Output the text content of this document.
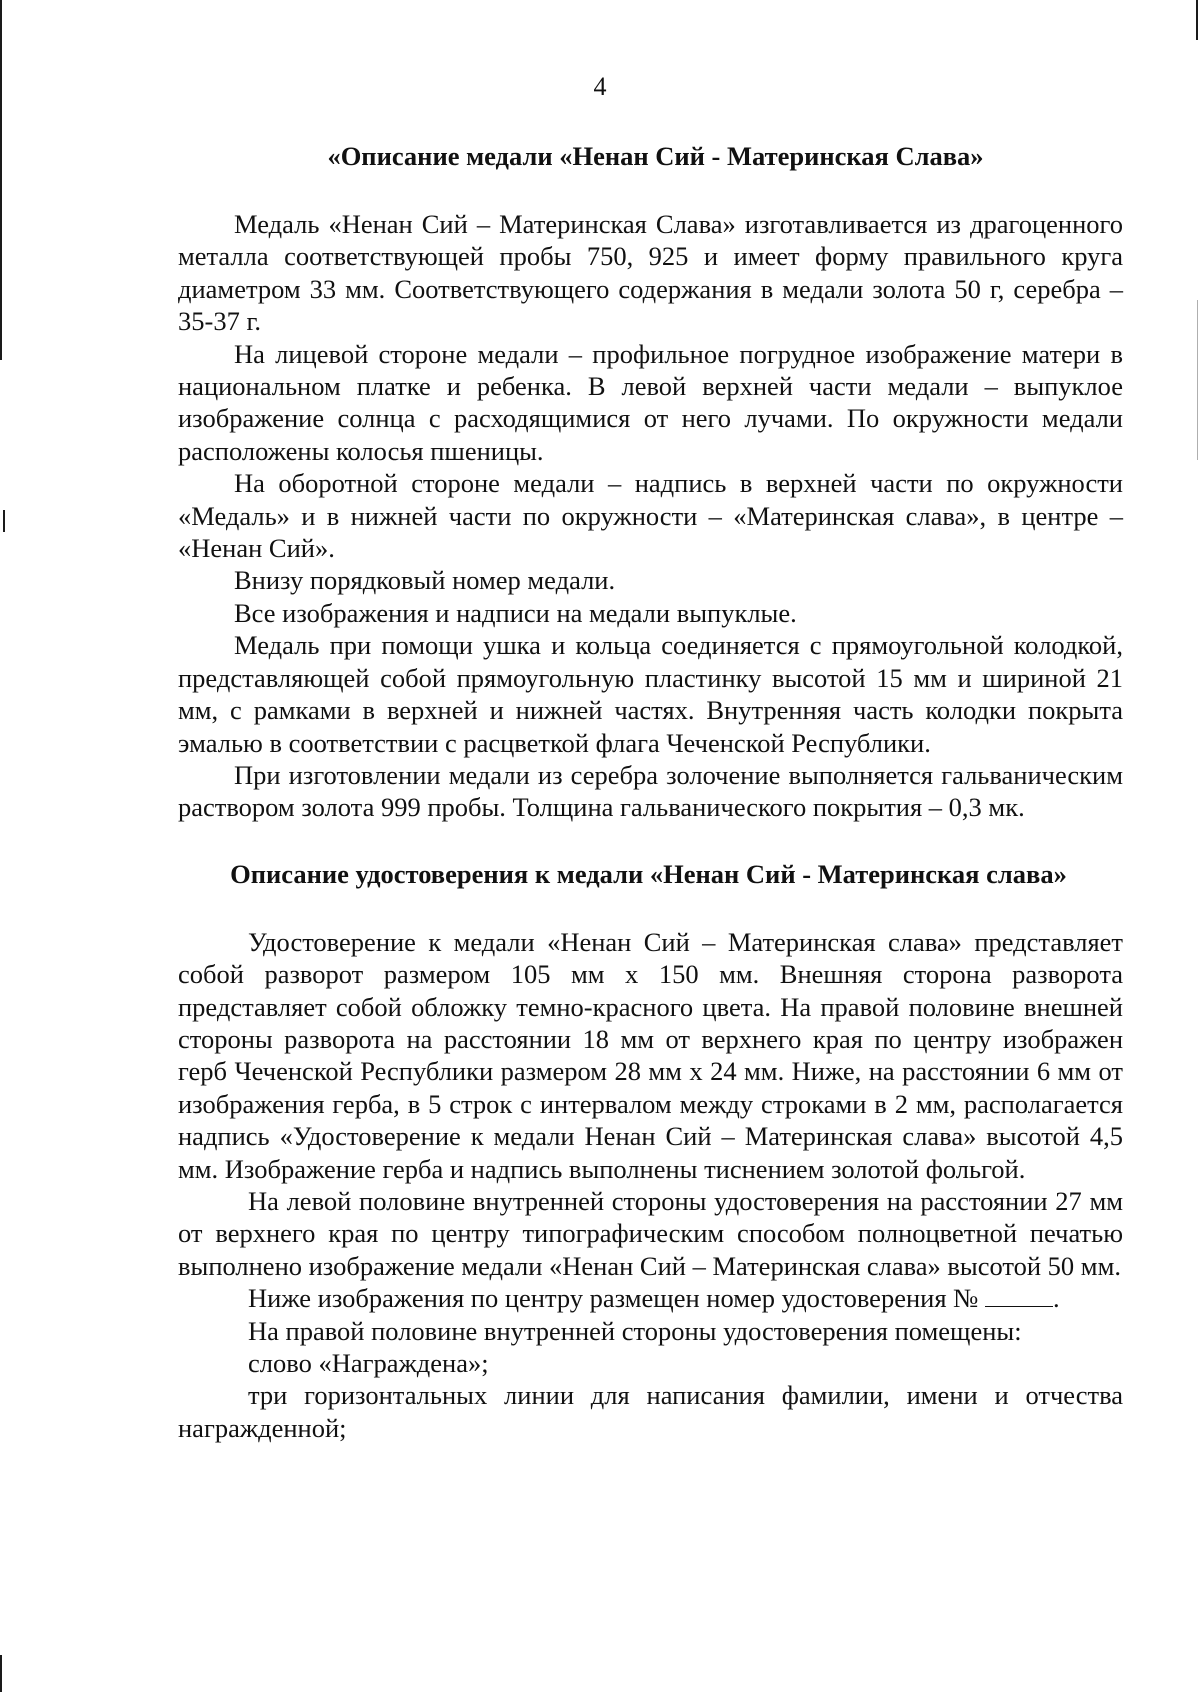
4
«Описание медали «Ненан Сий - Материнская Слава»

Медаль «Ненан Сий – Материнская Слава» изготавливается из драгоценного металла соответствующей пробы 750, 925 и имеет форму правильного круга диаметром 33 мм. Соответствующего содержания в медали золота 50 г, серебра – 35-37 г.

На лицевой стороне медали – профильное погрудное изображение матери в национальном платке и ребенка. В левой верхней части медали – выпуклое изображение солнца с расходящимися от него лучами. По окружности медали расположены колосья пшеницы.

На оборотной стороне медали – надпись в верхней части по окружности «Медаль» и в нижней части по окружности – «Материнская слава», в центре – «Ненан Сий».

Внизу порядковый номер медали.

Все изображения и надписи на медали выпуклые.

Медаль при помощи ушка и кольца соединяется с прямоугольной колодкой, представляющей собой прямоугольную пластинку высотой 15 мм и шириной 21 мм, с рамками в верхней и нижней частях. Внутренняя часть колодки покрыта эмалью в соответствии с расцветкой флага Чеченской Республики.

При изготовлении медали из серебра золочение выполняется гальваническим раствором золота 999 пробы. Толщина гальванического покрытия – 0,3 мк.

Описание удостоверения к медали «Ненан Сий - Материнская слава»

Удостоверение к медали «Ненан Сий – Материнская слава» представляет собой разворот размером 105 мм х 150 мм. Внешняя сторона разворота представляет собой обложку темно-красного цвета. На правой половине внешней стороны разворота на расстоянии 18 мм от верхнего края по центру изображен герб Чеченской Республики размером 28 мм х 24 мм. Ниже, на расстоянии 6 мм от изображения герба, в 5 строк с интервалом между строками в 2 мм, располагается надпись «Удостоверение к медали Ненан Сий – Материнская слава» высотой 4,5 мм. Изображение герба и надпись выполнены тиснением золотой фольгой.

На левой половине внутренней стороны удостоверения на расстоянии 27 мм от верхнего края по центру типографическим способом полноцветной печатью выполнено изображение медали «Ненан Сий – Материнская слава» высотой 50 мм.

Ниже изображения по центру размещен номер удостоверения №	.

На правой половине внутренней стороны удостоверения помещены:

слово «Награждена»;

три горизонтальных линии для написания фамилии, имени и отчества награжденной;
